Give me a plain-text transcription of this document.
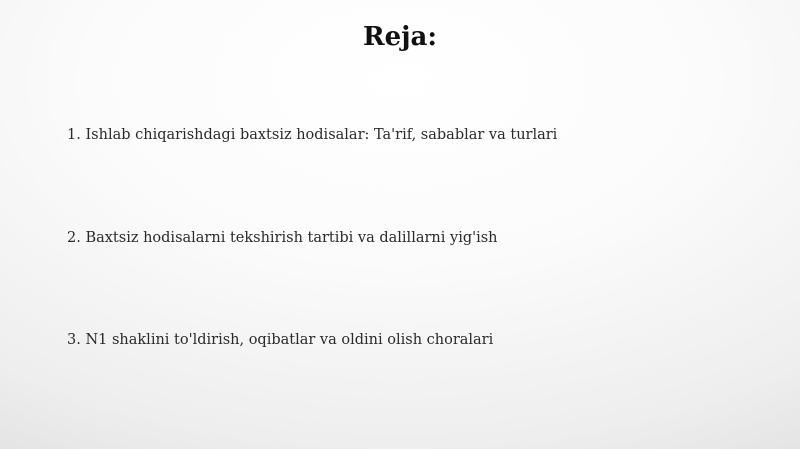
Reja:
1. Ishlab chiqarishdagi baxtsiz hodisalar: Ta'rif, sabablar va turlari
2. Baxtsiz hodisalarni tekshirish tartibi va dalillarni yig'ish
3. N1 shaklini to'ldirish, oqibatlar va oldini olish choralari
